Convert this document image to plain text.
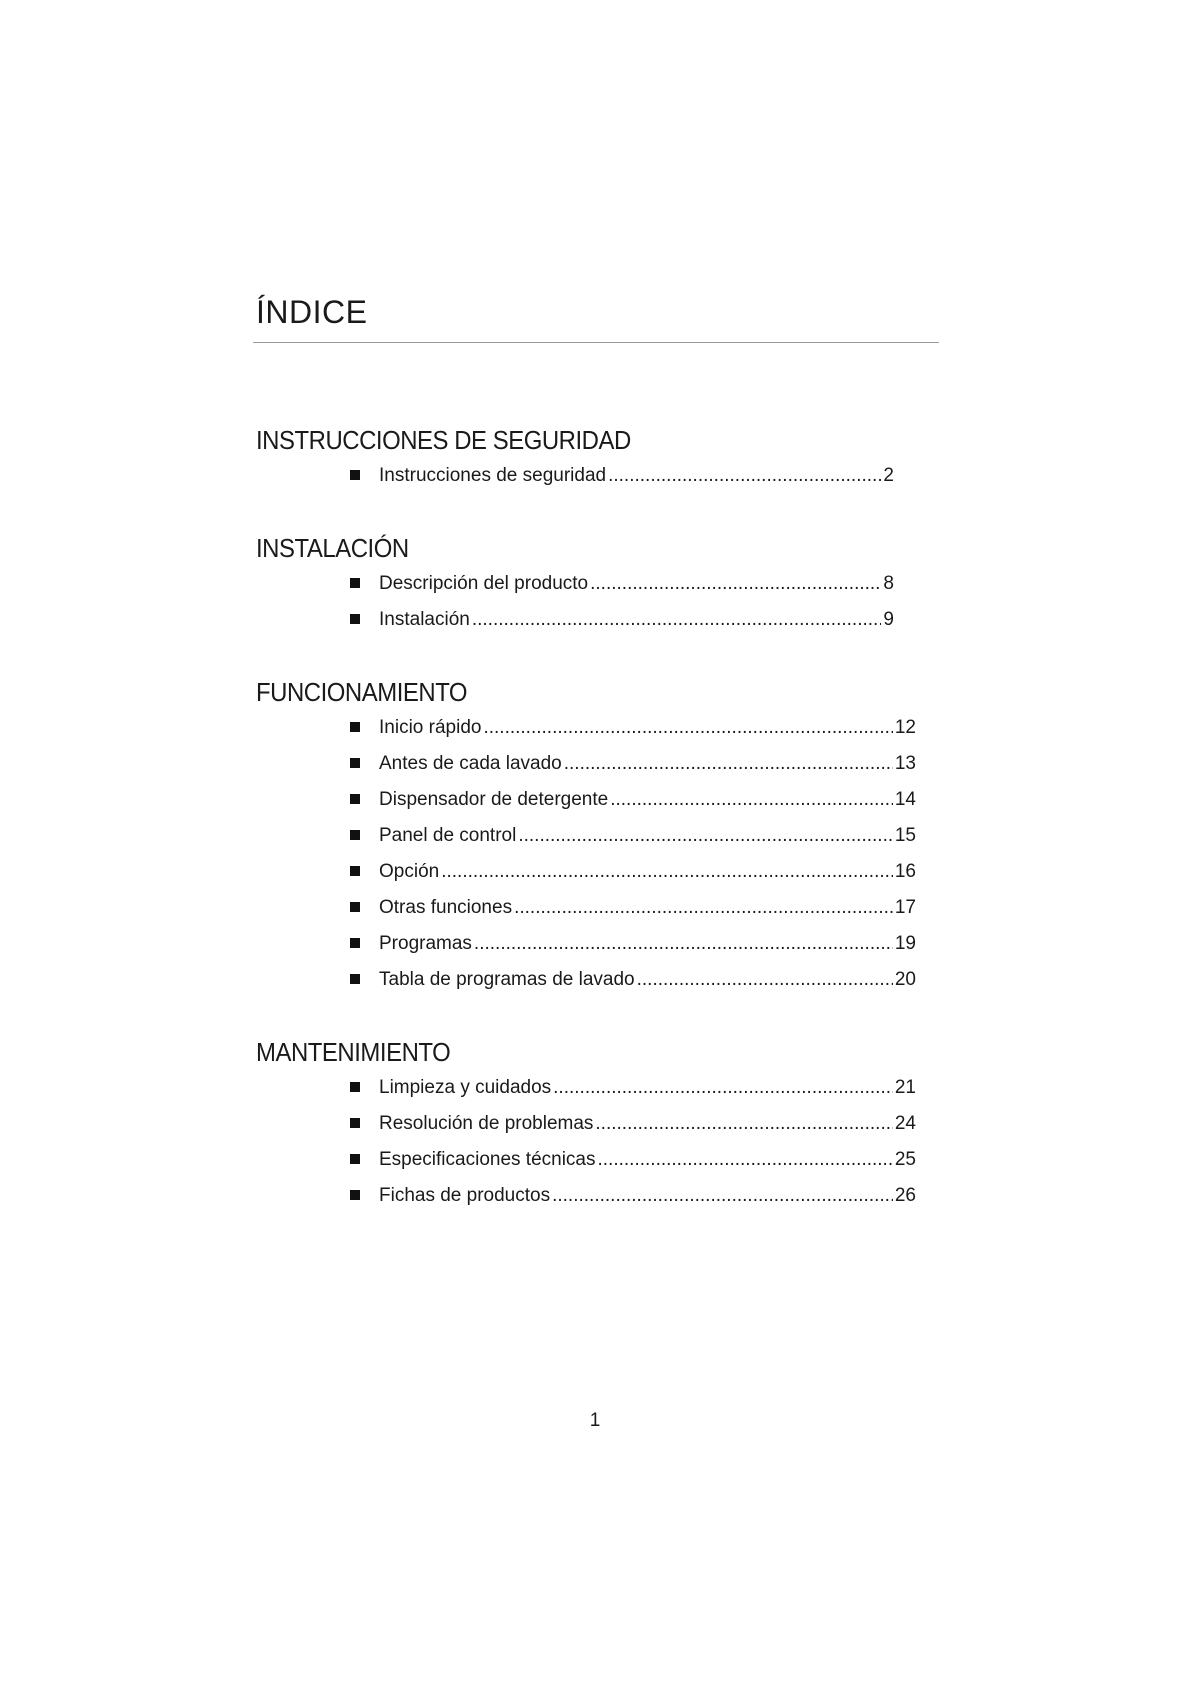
ÍNDICE
INSTRUCCIONES DE SEGURIDAD
Instrucciones de seguridad .....	2
INSTALACIÓN
Descripción del producto .....	8
Instalación .....	9
FUNCIONAMIENTO
Inicio rápido .....	12
Antes de cada lavado .....	13
Dispensador de detergente .....	14
Panel de control .....	15
Opción .....	16
Otras funciones .....	17
Programas .....	19
Tabla de programas de lavado .....	20
MANTENIMIENTO
Limpieza y cuidados .....	21
Resolución de problemas .....	24
Especificaciones técnicas .....	25
Fichas de productos .....	26
1
